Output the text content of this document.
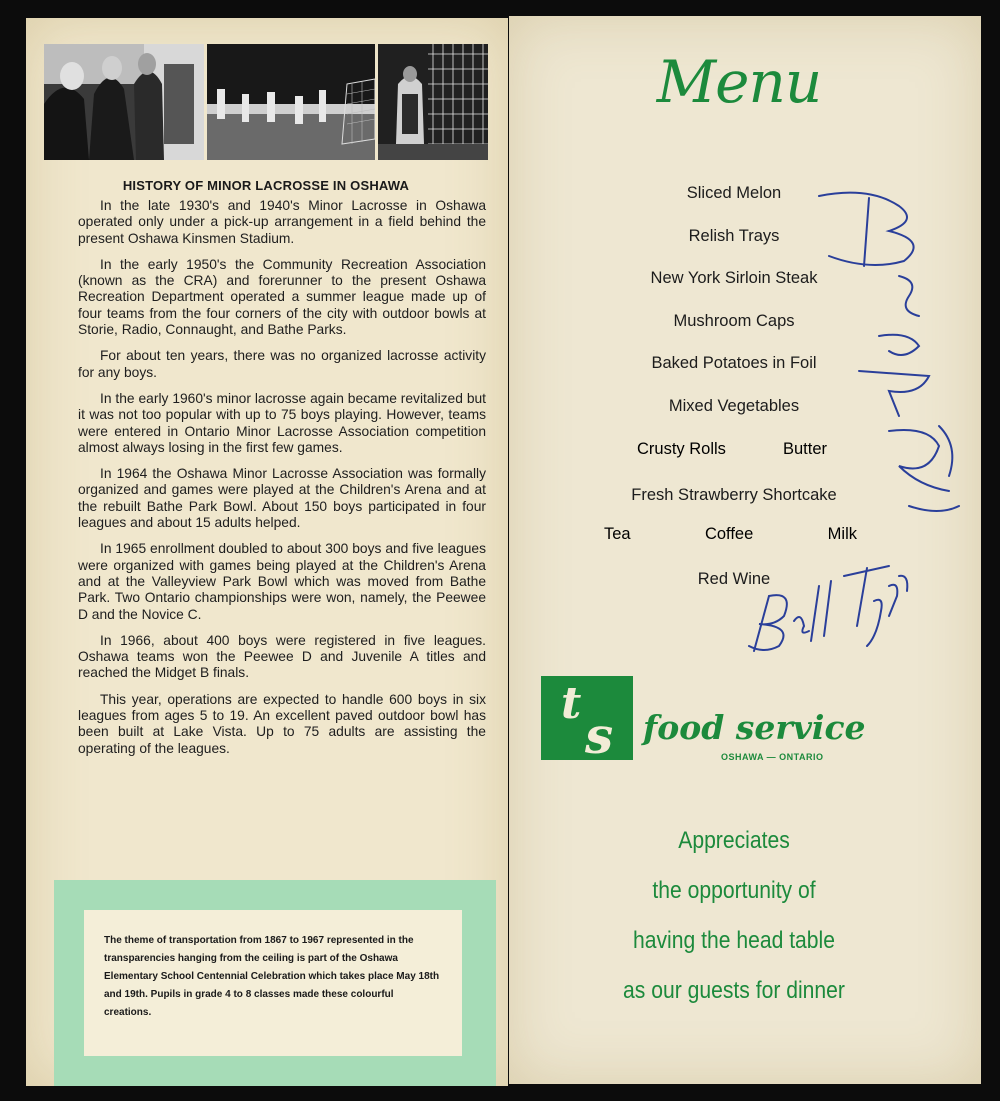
HISTORY OF MINOR LACROSSE IN OSHAWA

In the late 1930's and 1940's Minor Lacrosse in Oshawa operated only under a pick-up arrangement in a field behind the present Oshawa Kinsmen Stadium.

In the early 1950's the Community Recreation Association (known as the CRA) and forerunner to the present Oshawa Recreation Department operated a summer league made up of four teams from the four corners of the city with outdoor bowls at Storie, Radio, Connaught, and Bathe Parks.

For about ten years, there was no organized lacrosse activity for any boys.

In the early 1960's minor lacrosse again became revitalized but it was not too popular with up to 75 boys playing. However, teams were entered in Ontario Minor Lacrosse Association competition almost always losing in the first few games.

In 1964 the Oshawa Minor Lacrosse Association was formally organized and games were played at the Children's Arena and at the rebuilt Bathe Park Bowl. About 150 boys participated in four leagues and about 15 adults helped.

In 1965 enrollment doubled to about 300 boys and five leagues were organized with games being played at the Children's Arena and at the Valleyview Park Bowl which was moved from Bathe Park. Two Ontario championships were won, namely, the Peewee D and the Novice C.

In 1966, about 400 boys were registered in five leagues. Oshawa teams won the Peewee D and Juvenile A titles and reached the Midget B finals.

This year, operations are expected to handle 600 boys in six leagues from ages 5 to 19. An excellent paved outdoor bowl has been built at Lake Vista. Up to 75 adults are assisting the operating of the leagues.

The theme of transportation from 1867 to 1967 represented in the transparencies hanging from the ceiling is part of the Oshawa Elementary School Centennial Celebration which takes place May 18th and 19th. Pupils in grade 4 to 8 classes made these colourful creations.
Menu
Sliced Melon
Relish Trays
New York Sirloin Steak
Mushroom Caps
Baked Potatoes in Foil
Mixed Vegetables
Crusty Rolls	Butter
Fresh Strawberry Shortcake
Tea	Coffee	Milk
Red Wine
t
s food service
OSHAWA — ONTARIO
Appreciates
the opportunity of
having the head table
as our guests for dinner
